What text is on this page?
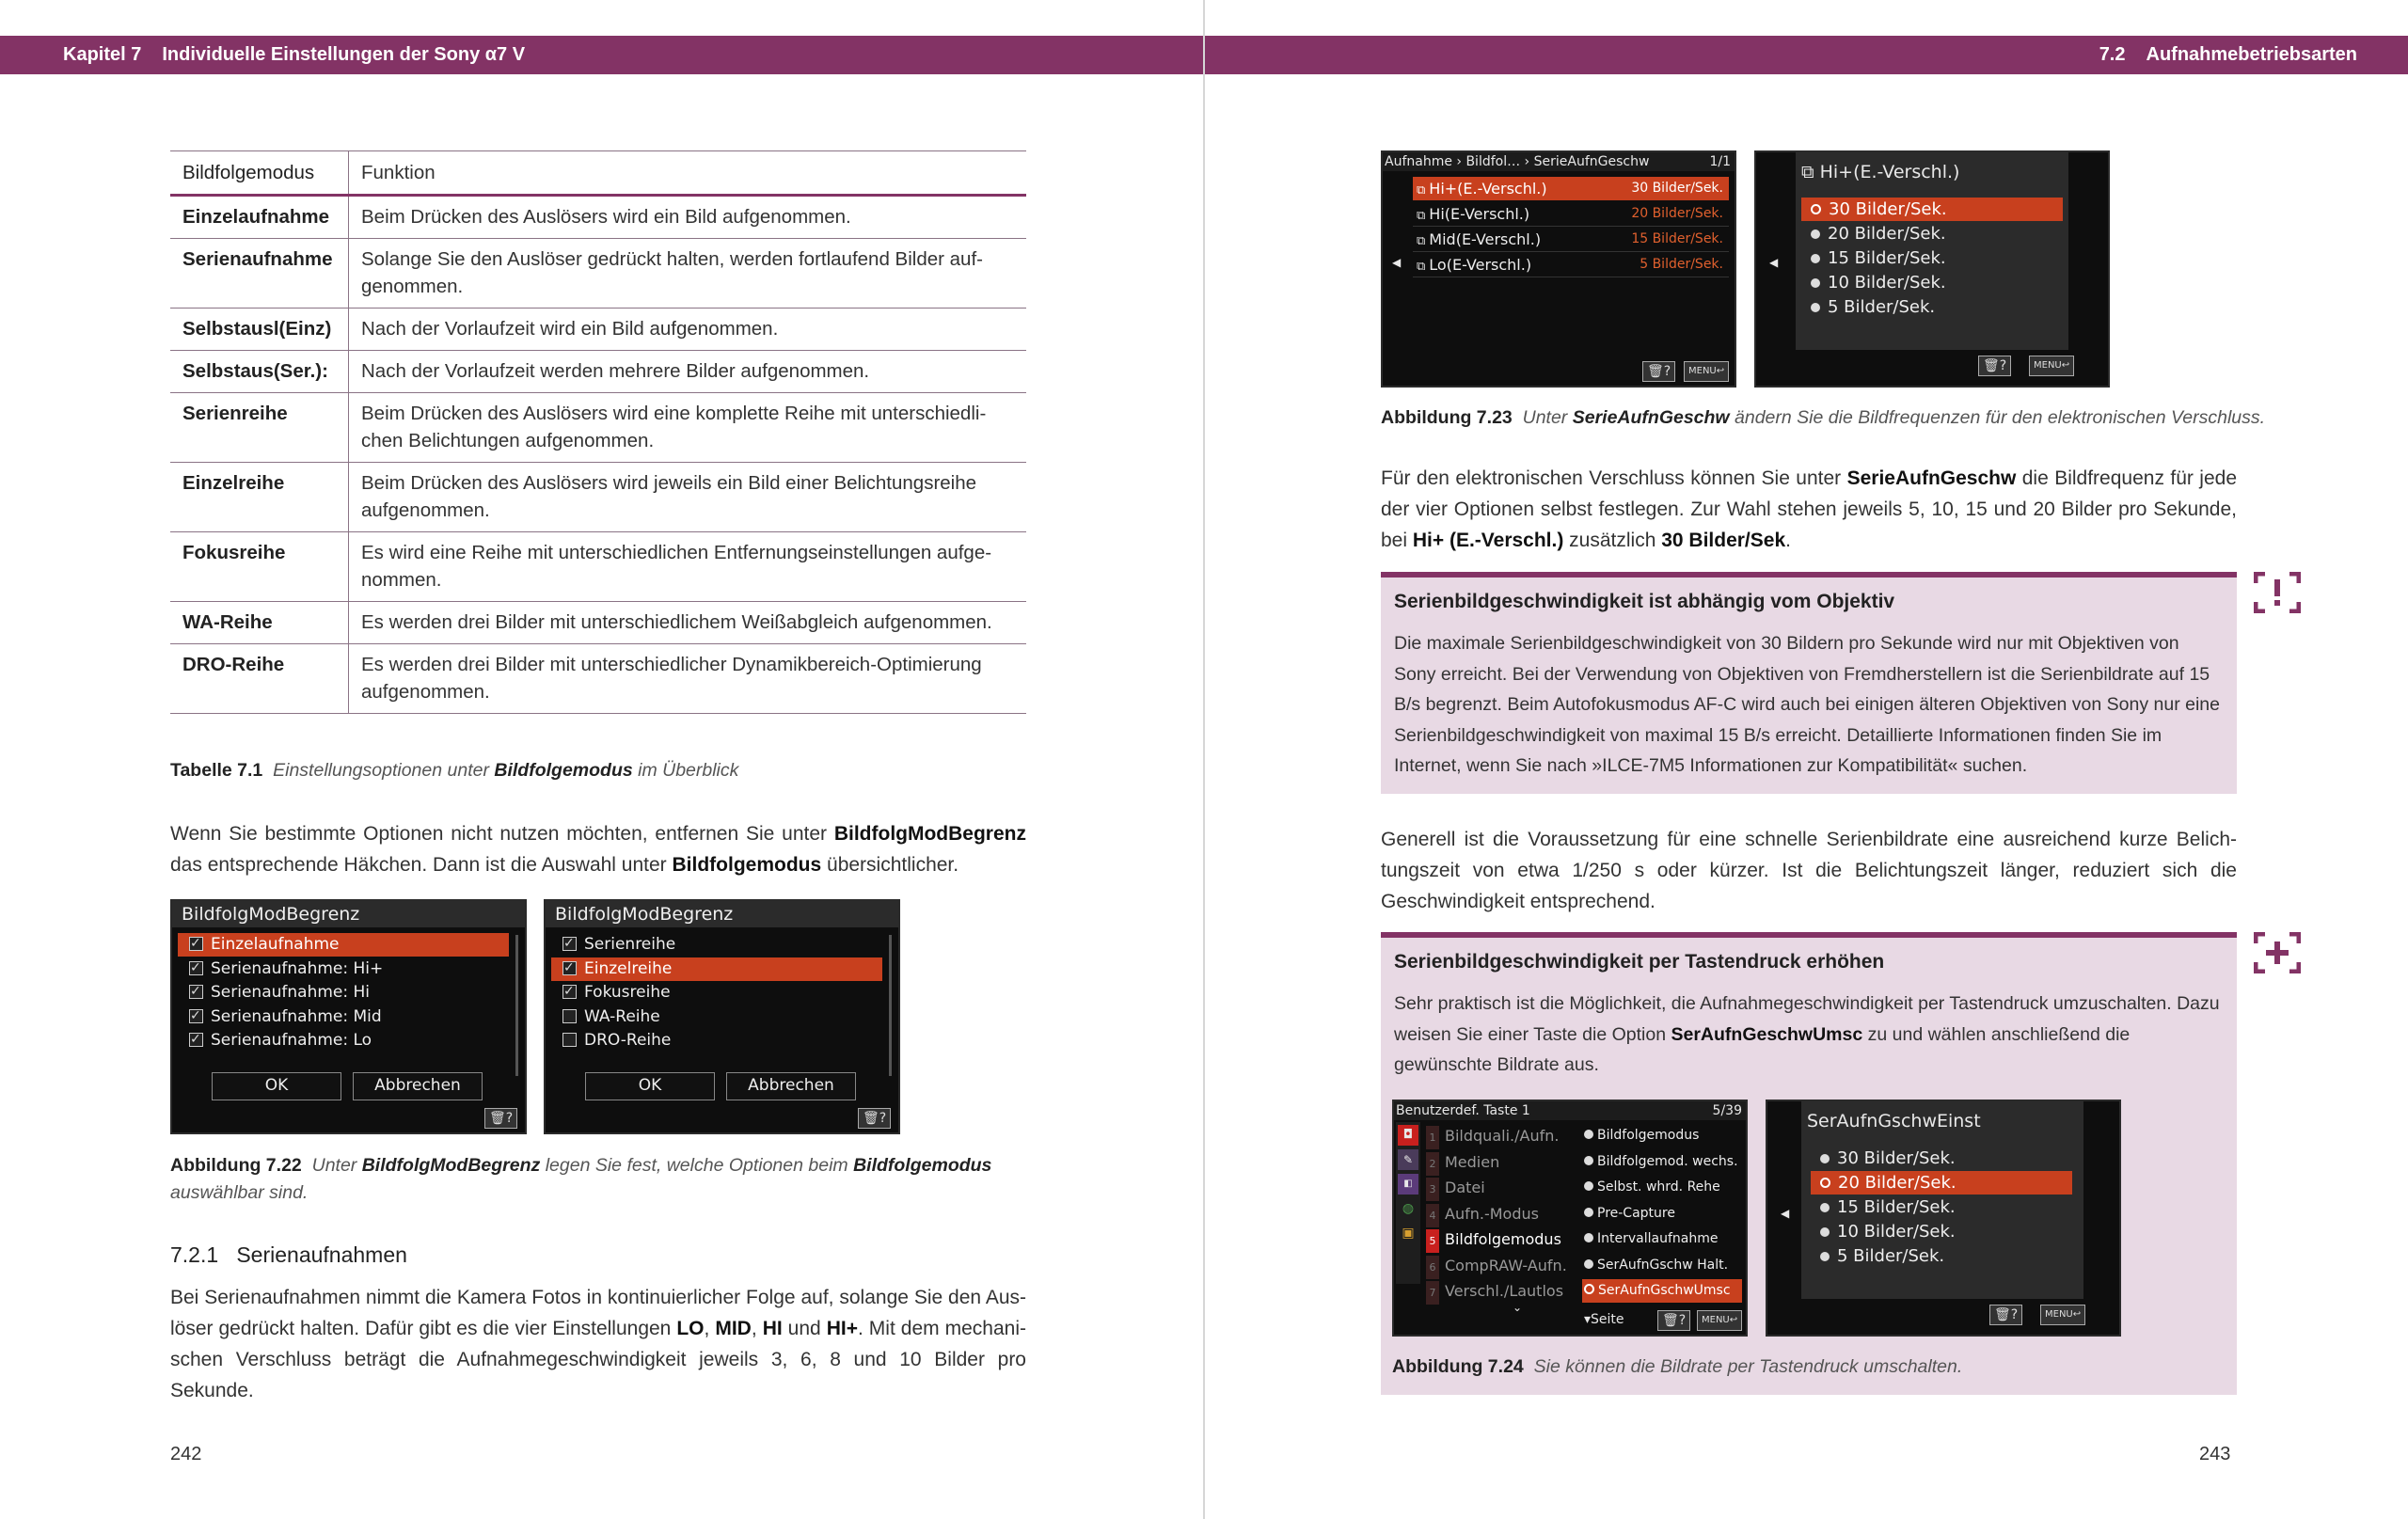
Kapitel 7 Individuelle Einstellungen der Sony α7 V
Bildfolgemodus	Funktion
Einzelaufnahme	Beim Drücken des Auslösers wird ein Bild aufgenommen.
Serienaufnahme	Solange Sie den Auslöser gedrückt halten, werden fortlaufend Bilder aufgenommen.
Selbstausl(Einz)	Nach der Vorlaufzeit wird ein Bild aufgenommen.
Selbstaus(Ser.):	Nach der Vorlaufzeit werden mehrere Bilder aufgenommen.
Serienreihe	Beim Drücken des Auslösers wird eine komplette Reihe mit unterschiedlichen Belichtungen aufgenommen.
Einzelreihe	Beim Drücken des Auslösers wird jeweils ein Bild einer Belichtungsreihe aufgenommen.
Fokusreihe	Es wird eine Reihe mit unterschiedlichen Entfernungseinstellungen aufgenommen.
WA-Reihe	Es werden drei Bilder mit unterschiedlichem Weißabgleich aufgenommen.
DRO-Reihe	Es werden drei Bilder mit unterschiedlicher Dynamikbereich-Optimierung aufgenommen.
Tabelle 7.1 Einstellungsoptionen unter Bildfolgemodus im Überblick
Wenn Sie bestimmte Optionen nicht nutzen möchten, entfernen Sie unter BildfolgModBegrenz das entsprechende Häkchen. Dann ist die Auswahl unter Bildfolgemodus übersichtlicher.
BildfolgModBegrenz
✓Einzelaufnahme
✓Serienaufnahme: Hi+
✓Serienaufnahme: Hi
✓Serienaufnahme: Mid
✓Serienaufnahme: Lo
OK	Abbrechen
🗑?
BildfolgModBegrenz
✓Serienreihe
✓Einzelreihe
✓Fokusreihe
WA-Reihe
DRO-Reihe
OK	Abbrechen
🗑?
Abbildung 7.22 Unter BildfolgModBegrenz legen Sie fest, welche Optionen beim Bildfolgemodus
auswählbar sind.
7.2.1 Serienaufnahmen
Bei Serienaufnahmen nimmt die Kamera Fotos in kontinuierlicher Folge auf, solange Sie den Auslöser gedrückt halten. Dafür gibt es die vier Einstellungen LO, MID, HI und HI+. Mit dem mechanischen Verschluss beträgt die Aufnahmegeschwindigkeit jeweils 3, 6, 8 und 10 Bilder pro Sekunde.
242
7.2 Aufnahmebetriebsarten
Aufnahme › Bildfol… › SerieAufnGeschw	1/1
⧉ Hi+(E.-Verschl.)	30 Bilder/Sek.
⧉ Hi(E-Verschl.)	20 Bilder/Sek.
⧉ Mid(E-Verschl.)	15 Bilder/Sek.
⧉ Lo(E-Verschl.)	5 Bilder/Sek.
◀
🗑?	MENU↩
⧉ Hi+(E.-Verschl.)
30 Bilder/Sek.
20 Bilder/Sek.
15 Bilder/Sek.
10 Bilder/Sek.
5 Bilder/Sek.
◀
🗑?	MENU↩
Abbildung 7.23 Unter SerieAufnGeschw ändern Sie die Bildfrequenzen für den elektronischen Verschluss.
Für den elektronischen Verschluss können Sie unter SerieAufnGeschw die Bildfrequenz für jede der vier Optionen selbst festlegen. Zur Wahl stehen jeweils 5, 10, 15 und 20 Bilder pro Sekunde, bei Hi+ (E.-Verschl.) zusätzlich 30 Bilder/Sek.
Serienbildgeschwindigkeit ist abhängig vom Objektiv
Die maximale Serienbildgeschwindigkeit von 30 Bildern pro Sekunde wird nur mit Objektiven von Sony erreicht. Bei der Verwendung von Objektiven von Fremdherstellern ist die Serienbildrate auf 15 B/s begrenzt. Beim Autofokusmodus AF-C wird auch bei einigen älteren Objektiven von Sony nur eine Serienbildgeschwindigkeit von maximal 15 B/s erreicht. Detaillierte Informationen finden Sie im Internet, wenn Sie nach »ILCE-7M5 Informationen zur Kompatibilität« suchen.
Generell ist die Voraussetzung für eine schnelle Serienbildrate eine ausreichend kurze Belichtungszeit von etwa 1/250 s oder kürzer. Ist die Belichtungszeit länger, reduziert sich die Geschwindigkeit entsprechend.
Serienbildgeschwindigkeit per Tastendruck erhöhen
Sehr praktisch ist die Möglichkeit, die Aufnahmegeschwindigkeit per Tastendruck umzuschalten. Dazu weisen Sie einer Taste die Option SerAufnGeschwUmsc zu und wählen anschließend die gewünschte Bildrate aus.
Benutzerdef. Taste 1	5/39
◘
✎
◧
◍
▣
1 Bildquali./Aufn.
2 Medien
3 Datei
4 Aufn.-Modus
5 Bildfolgemodus
6 CompRAW-Aufn.
7 Verschl./Lautlos
Bildfolgemodus
Bildfolgemod. wechs.
Selbst. whrd. Rehe
Pre-Capture
Intervallaufnahme
SerAufnGschw Halt.
SerAufnGschwUmsc
⌄
▾Seite	🗑?	MENU↩
SerAufnGschwEinst
30 Bilder/Sek.
20 Bilder/Sek.
15 Bilder/Sek.
10 Bilder/Sek.
5 Bilder/Sek.
◀
🗑?	MENU↩
Abbildung 7.24 Sie können die Bildrate per Tastendruck umschalten.
243
